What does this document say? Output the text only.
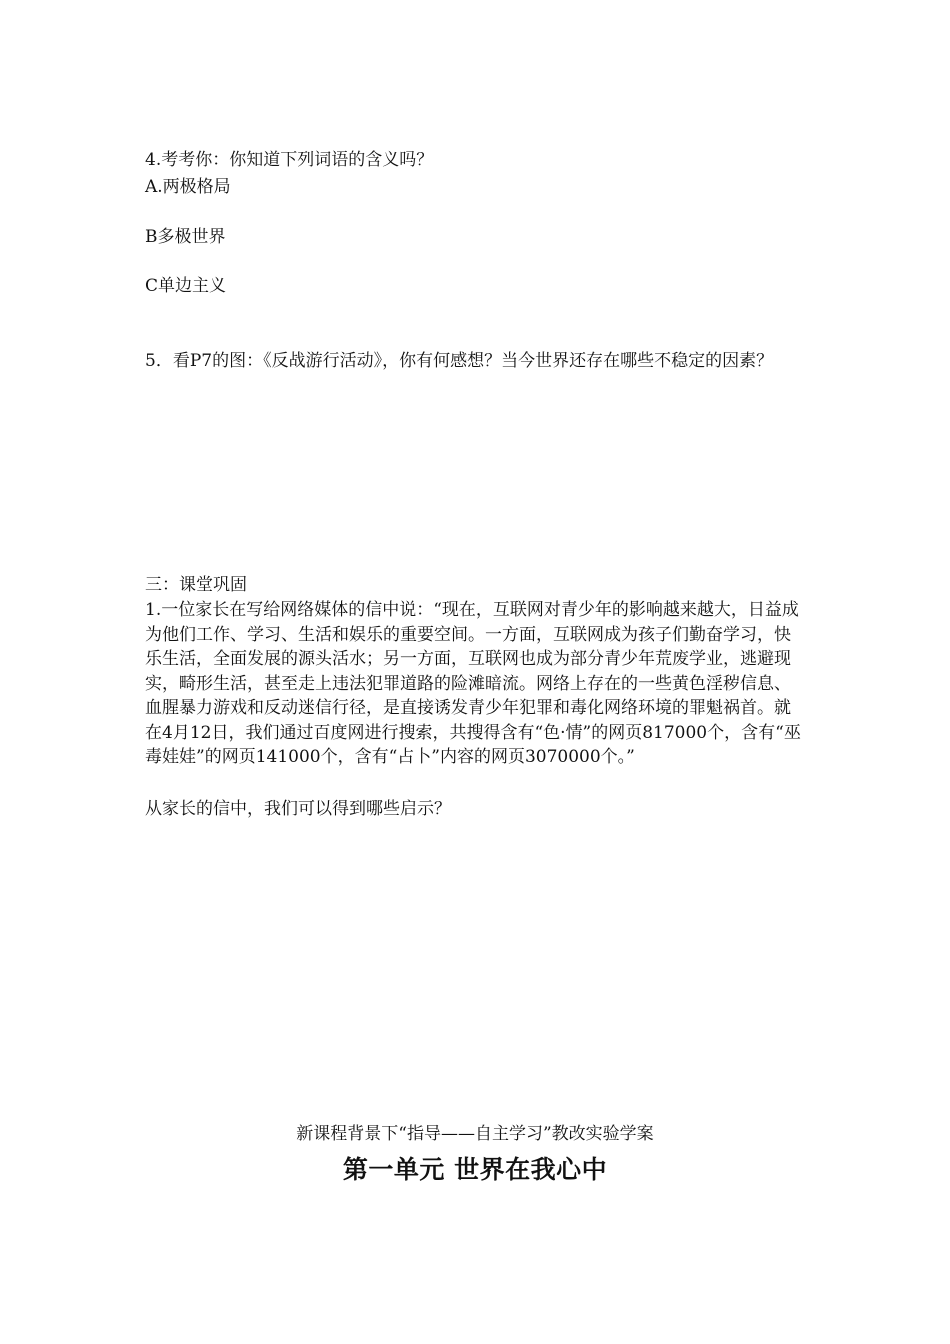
4.考考你：你知道下列词语的含义吗？

A.两极格局

B多极世界

C单边主义

5．看P7的图：《反战游行活动》，你有何感想？当今世界还存在哪些不稳定的因素？

三：课堂巩固

1.一位家长在写给网络媒体的信中说：“现在，互联网对青少年的影响越来越大，日益成为他们工作、学习、生活和娱乐的重要空间。一方面，互联网成为孩子们勤奋学习，快乐生活，全面发展的源头活水；另一方面，互联网也成为部分青少年荒废学业，逃避现实，畸形生活，甚至走上违法犯罪道路的险滩暗流。网络上存在的一些黄色淫秽信息、血腥暴力游戏和反动迷信行径，是直接诱发青少年犯罪和毒化网络环境的罪魁祸首。就在4月12日，我们通过百度网进行搜索，共搜得含有“色·情”的网页817000个，含有“巫毒娃娃”的网页141000个，含有“占卜”内容的网页3070000个。”

从家长的信中，我们可以得到哪些启示？

新课程背景下“指导——自主学习”教改实验学案

第一单元 世界在我心中
